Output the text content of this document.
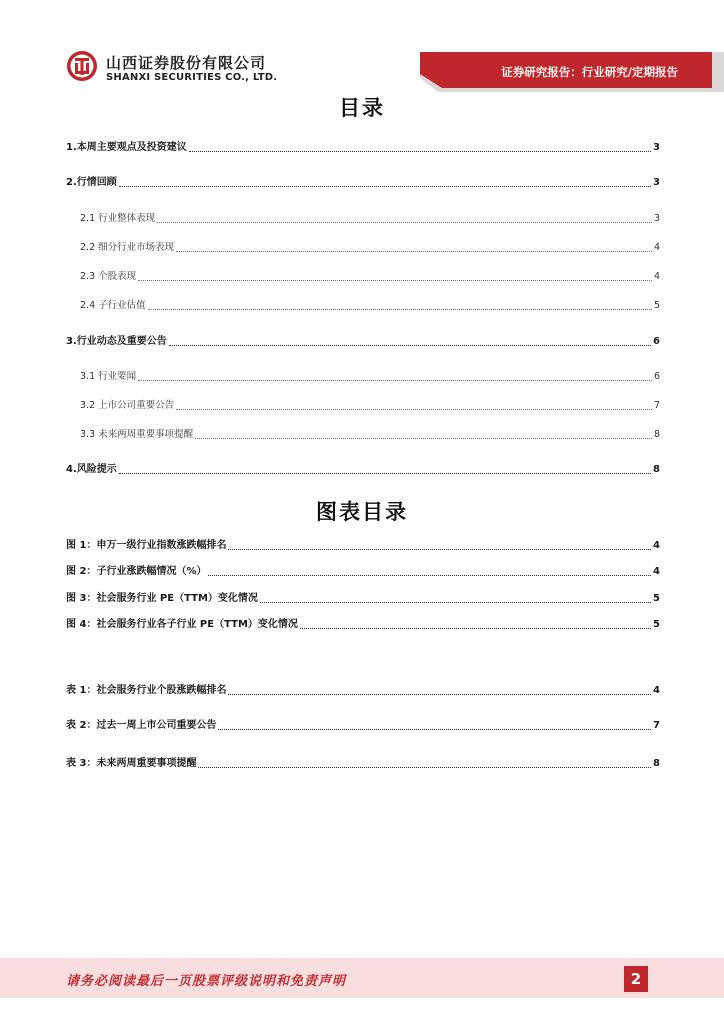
山西证券股份有限公司
SHANXI SECURITIES CO., LTD.	证券研究报告：行业研究/定期报告
目录
1.本周主要观点及投资建议	3
2.行情回顾	3
2.1 行业整体表现	3
2.2 细分行业市场表现	4
2.3 个股表现	4
2.4 子行业估值	5
3.行业动态及重要公告	6
3.1 行业要闻	6
3.2 上市公司重要公告	7
3.3 未来两周重要事项提醒	8
4.风险提示	8
图表目录
图 1：申万一级行业指数涨跌幅排名	4
图 2：子行业涨跌幅情况（%）	4
图 3：社会服务行业 PE（TTM）变化情况	5
图 4：社会服务行业各子行业 PE（TTM）变化情况	5
表 1：社会服务行业个股涨跌幅排名	4
表 2：过去一周上市公司重要公告	7
表 3：未来两周重要事项提醒	8
请务必阅读最后一页股票评级说明和免责声明	2
